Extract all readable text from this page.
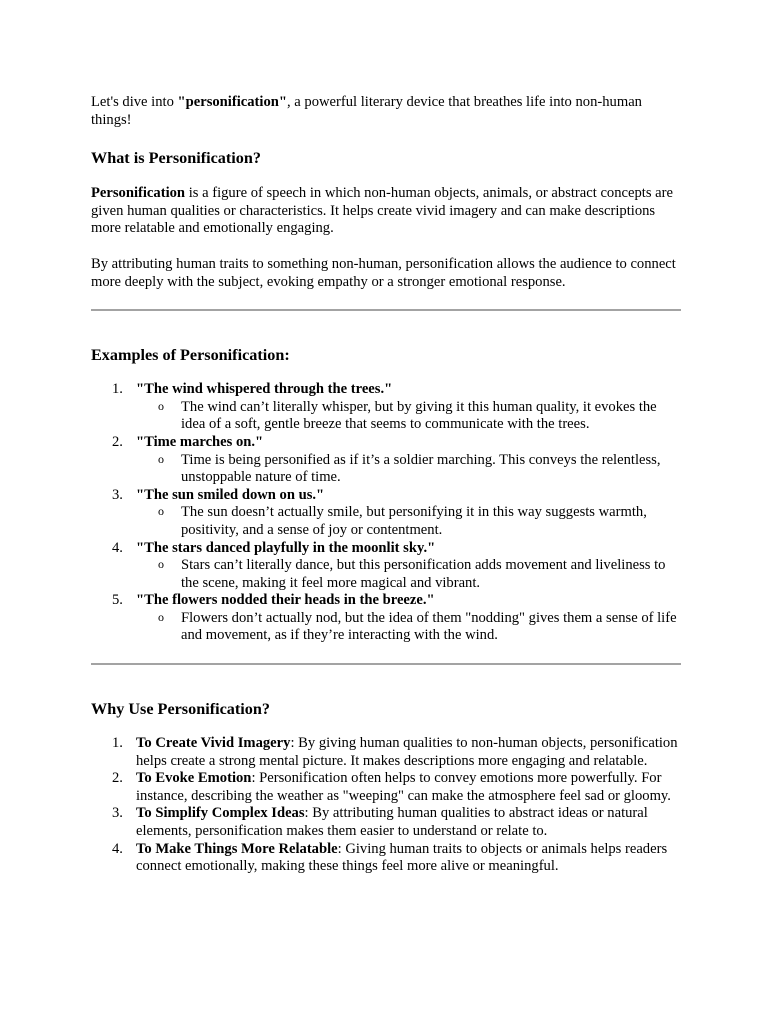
Let's dive into "personification", a powerful literary device that breathes life into non-human things!

What is Personification?

Personification is a figure of speech in which non-human objects, animals, or abstract concepts are given human qualities or characteristics. It helps create vivid imagery and can make descriptions more relatable and emotionally engaging.

By attributing human traits to something non-human, personification allows the audience to connect more deeply with the subject, evoking empathy or a stronger emotional response.

Examples of Personification:
1. "The wind whispered through the trees."
o The wind can’t literally whisper, but by giving it this human quality, it evokes the idea of a soft, gentle breeze that seems to communicate with the trees.
2. "Time marches on."
o Time is being personified as if it’s a soldier marching. This conveys the relentless, unstoppable nature of time.
3. "The sun smiled down on us."
o The sun doesn’t actually smile, but personifying it in this way suggests warmth, positivity, and a sense of joy or contentment.
4. "The stars danced playfully in the moonlit sky."
o Stars can’t literally dance, but this personification adds movement and liveliness to the scene, making it feel more magical and vibrant.
5. "The flowers nodded their heads in the breeze."
o Flowers don’t actually nod, but the idea of them "nodding" gives them a sense of life and movement, as if they’re interacting with the wind.
Why Use Personification?
1. To Create Vivid Imagery: By giving human qualities to non-human objects, personification helps create a strong mental picture. It makes descriptions more engaging and relatable.
2. To Evoke Emotion: Personification often helps to convey emotions more powerfully. For instance, describing the weather as "weeping" can make the atmosphere feel sad or gloomy.
3. To Simplify Complex Ideas: By attributing human qualities to abstract ideas or natural elements, personification makes them easier to understand or relate to.
4. To Make Things More Relatable: Giving human traits to objects or animals helps readers connect emotionally, making these things feel more alive or meaningful.
